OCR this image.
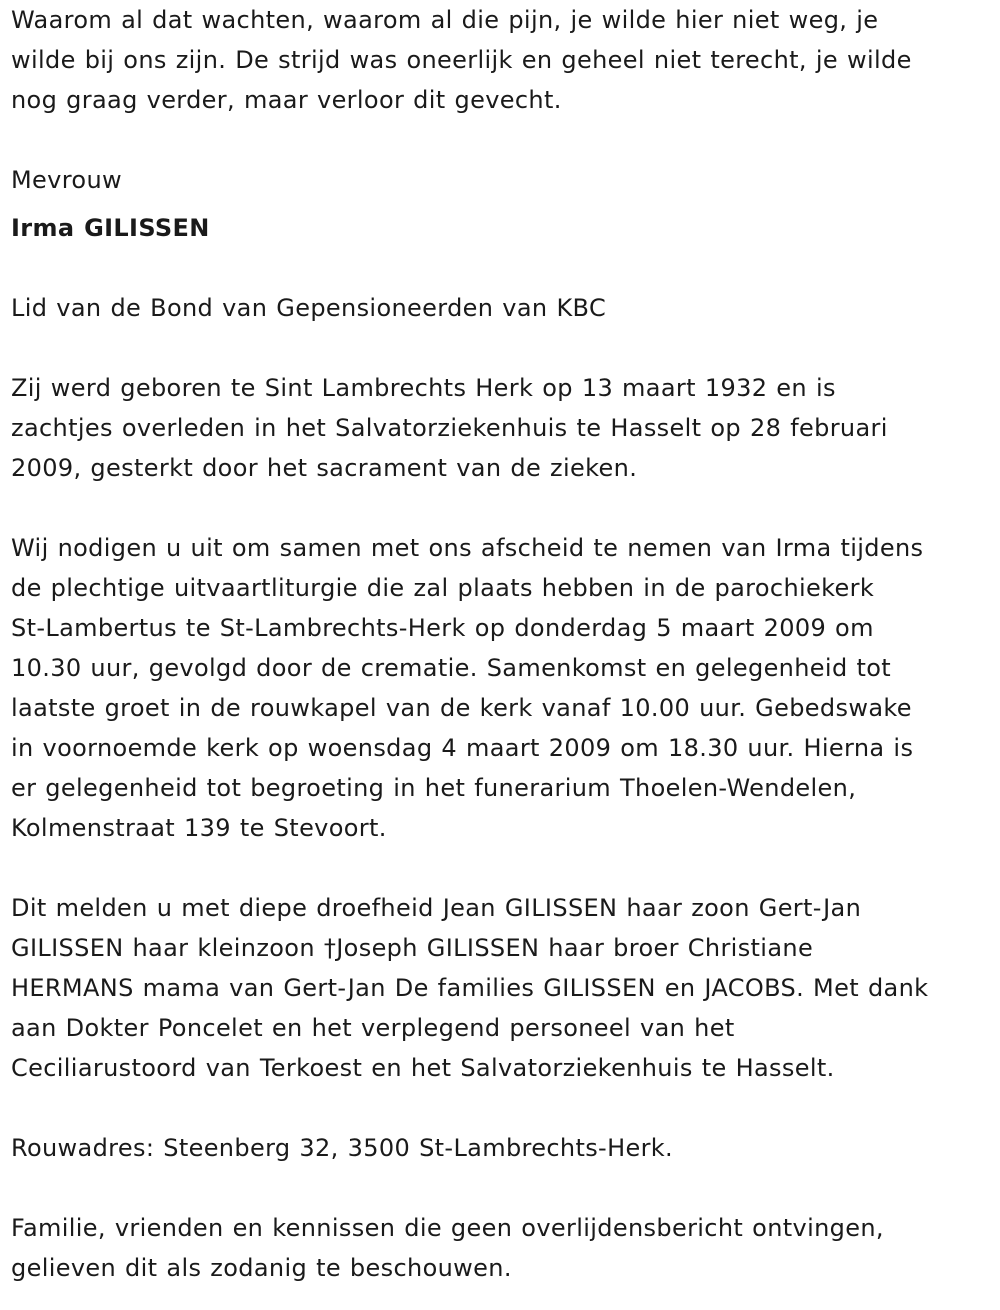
Waarom al dat wachten, waarom al die pijn, je wilde hier niet weg, je
wilde bij ons zijn. De strijd was oneerlijk en geheel niet terecht, je wilde
nog graag verder, maar verloor dit gevecht.

Mevrouw

Irma GILISSEN

Lid van de Bond van Gepensioneerden van KBC

Zij werd geboren te Sint Lambrechts Herk op 13 maart 1932 en is
zachtjes overleden in het Salvatorziekenhuis te Hasselt op 28 februari
2009, gesterkt door het sacrament van de zieken.

Wij nodigen u uit om samen met ons afscheid te nemen van Irma tijdens
de plechtige uitvaartliturgie die zal plaats hebben in de parochiekerk
St-Lambertus te St-Lambrechts-Herk op donderdag 5 maart 2009 om
10.30 uur, gevolgd door de crematie. Samenkomst en gelegenheid tot
laatste groet in de rouwkapel van de kerk vanaf 10.00 uur. Gebedswake
in voornoemde kerk op woensdag 4 maart 2009 om 18.30 uur. Hierna is
er gelegenheid tot begroeting in het funerarium Thoelen-Wendelen,
Kolmenstraat 139 te Stevoort.

Dit melden u met diepe droefheid Jean GILISSEN haar zoon Gert-Jan
GILISSEN haar kleinzoon †Joseph GILISSEN haar broer Christiane
HERMANS mama van Gert-Jan De families GILISSEN en JACOBS. Met dank
aan Dokter Poncelet en het verplegend personeel van het
Ceciliarustoord van Terkoest en het Salvatorziekenhuis te Hasselt.

Rouwadres: Steenberg 32, 3500 St-Lambrechts-Herk.

Familie, vrienden en kennissen die geen overlijdensbericht ontvingen,
gelieven dit als zodanig te beschouwen.
